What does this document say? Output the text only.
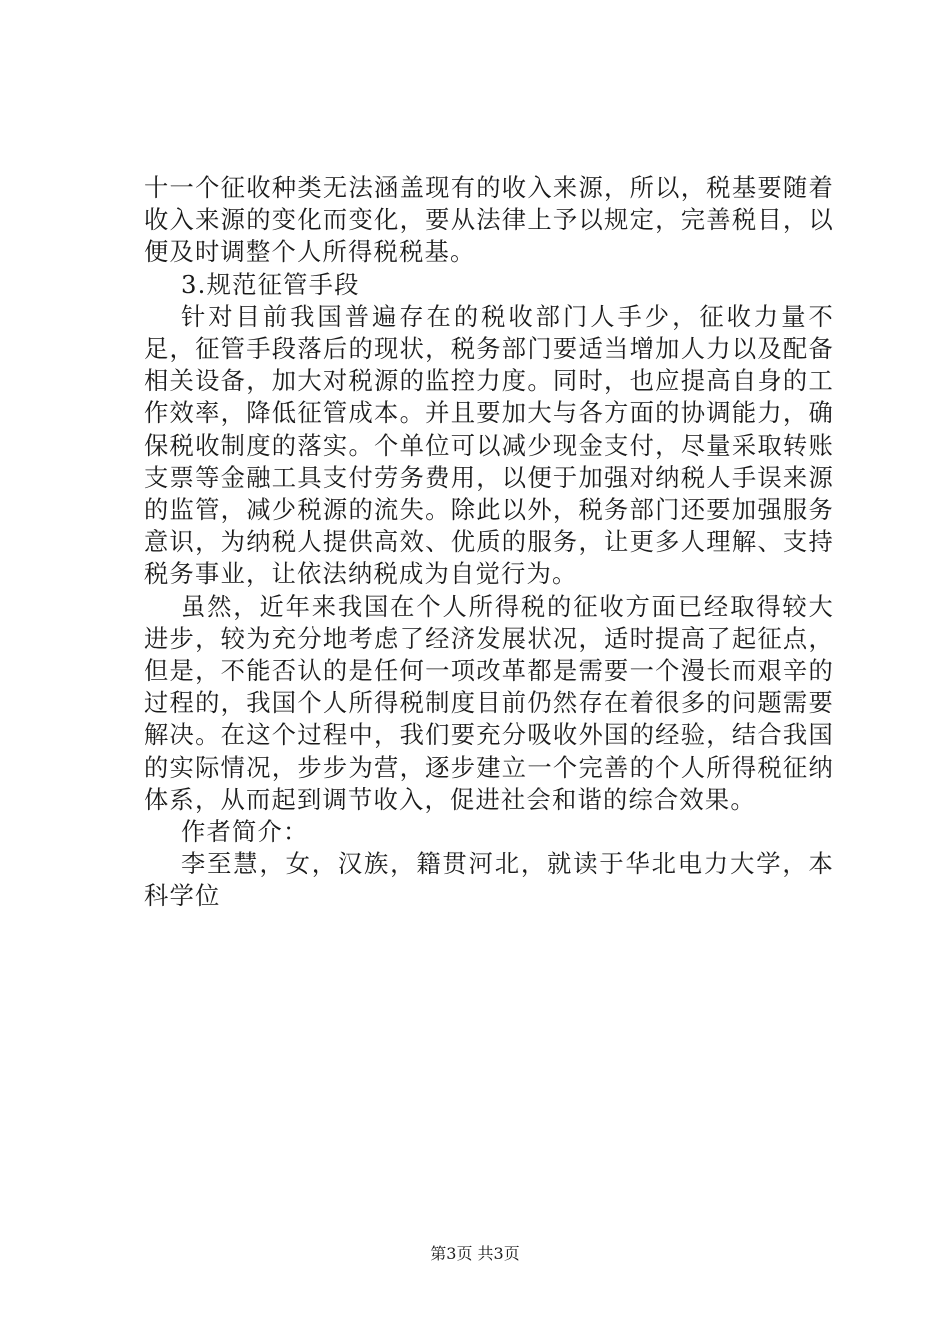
十一个征收种类无法涵盖现有的收入来源，所以，税基要随着收入来源的变化而变化，要从法律上予以规定，完善税目，以便及时调整个人所得税税基。

3.规范征管手段

针对目前我国普遍存在的税收部门人手少，征收力量不足，征管手段落后的现状，税务部门要适当增加人力以及配备相关设备，加大对税源的监控力度。同时，也应提高自身的工作效率，降低征管成本。并且要加大与各方面的协调能力，确保税收制度的落实。个单位可以减少现金支付，尽量采取转账支票等金融工具支付劳务费用，以便于加强对纳税人手误来源的监管，减少税源的流失。除此以外，税务部门还要加强服务意识，为纳税人提供高效、优质的服务，让更多人理解、支持税务事业，让依法纳税成为自觉行为。

虽然，近年来我国在个人所得税的征收方面已经取得较大进步，较为充分地考虑了经济发展状况，适时提高了起征点，但是，不能否认的是任何一项改革都是需要一个漫长而艰辛的过程的，我国个人所得税制度目前仍然存在着很多的问题需要解决。在这个过程中，我们要充分吸收外国的经验，结合我国的实际情况，步步为营，逐步建立一个完善的个人所得税征纳体系，从而起到调节收入，促进社会和谐的综合效果。

作者简介：

李至慧，女，汉族，籍贯河北，就读于华北电力大学，本科学位

第3页 共3页
